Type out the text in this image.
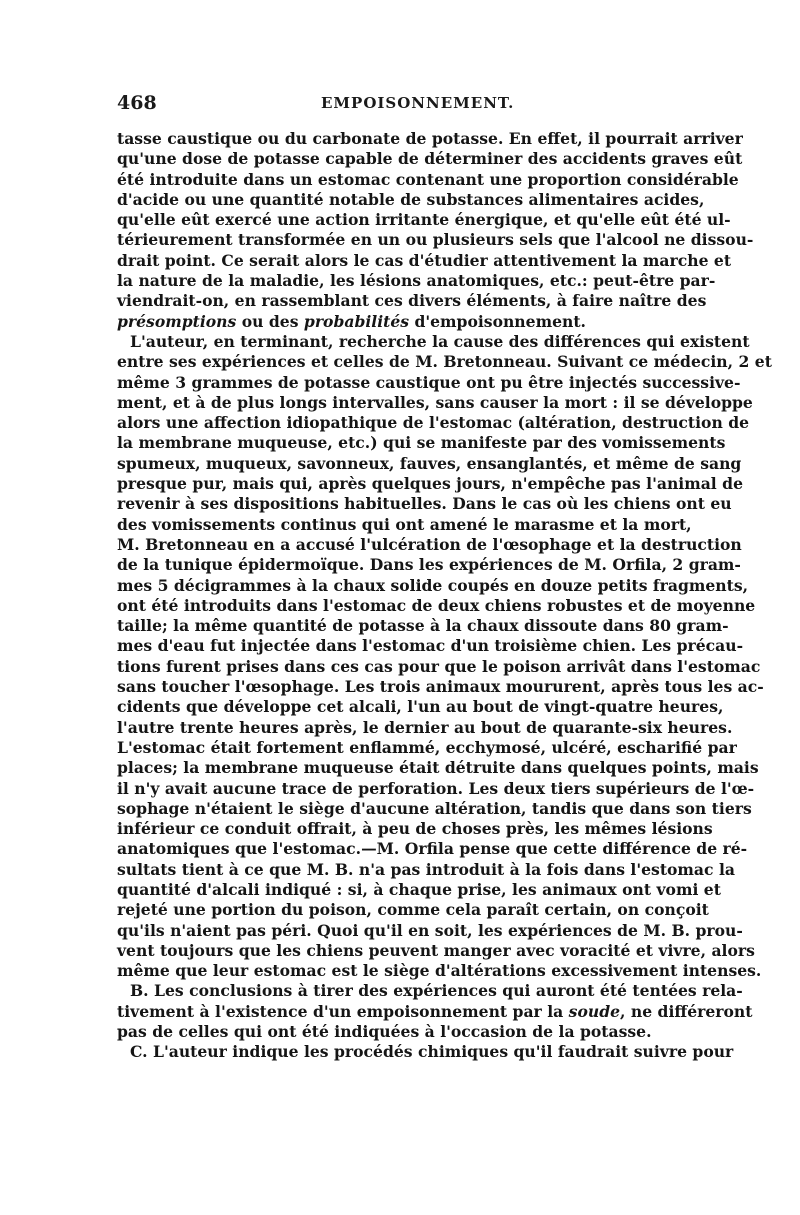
468	EMPOISONNEMENT.
tasse caustique ou du carbonate de potasse. En effet, il pourrait arriver
qu'une dose de potasse capable de déterminer des accidents graves eût
été introduite dans un estomac contenant une proportion considérable
d'acide ou une quantité notable de substances alimentaires acides,
qu'elle eût exercé une action irritante énergique, et qu'elle eût été ul-
térieurement transformée en un ou plusieurs sels que l'alcool ne dissou-
drait point. Ce serait alors le cas d'étudier attentivement la marche et
la nature de la maladie, les lésions anatomiques, etc.: peut-être par-
viendrait-on, en rassemblant ces divers éléments, à faire naître des
présomptions ou des probabilités d'empoisonnement.
L'auteur, en terminant, recherche la cause des différences qui existent
entre ses expériences et celles de M. Bretonneau. Suivant ce médecin, 2 et
même 3 grammes de potasse caustique ont pu être injectés successive-
ment, et à de plus longs intervalles, sans causer la mort : il se développe
alors une affection idiopathique de l'estomac (altération, destruction de
la membrane muqueuse, etc.) qui se manifeste par des vomissements
spumeux, muqueux, savonneux, fauves, ensanglantés, et même de sang
presque pur, mais qui, après quelques jours, n'empêche pas l'animal de
revenir à ses dispositions habituelles. Dans le cas où les chiens ont eu
des vomissements continus qui ont amené le marasme et la mort,
M. Bretonneau en a accusé l'ulcération de l'œsophage et la destruction
de la tunique épidermoïque. Dans les expériences de M. Orfila, 2 gram-
mes 5 décigrammes à la chaux solide coupés en douze petits fragments,
ont été introduits dans l'estomac de deux chiens robustes et de moyenne
taille; la même quantité de potasse à la chaux dissoute dans 80 gram-
mes d'eau fut injectée dans l'estomac d'un troisième chien. Les précau-
tions furent prises dans ces cas pour que le poison arrivât dans l'estomac
sans toucher l'œsophage. Les trois animaux moururent, après tous les ac-
cidents que développe cet alcali, l'un au bout de vingt-quatre heures,
l'autre trente heures après, le dernier au bout de quarante-six heures.
L'estomac était fortement enflammé, ecchymosé, ulcéré, escharifié par
places; la membrane muqueuse était détruite dans quelques points, mais
il n'y avait aucune trace de perforation. Les deux tiers supérieurs de l'œ-
sophage n'étaient le siège d'aucune altération, tandis que dans son tiers
inférieur ce conduit offrait, à peu de choses près, les mêmes lésions
anatomiques que l'estomac.—M. Orfila pense que cette différence de ré-
sultats tient à ce que M. B. n'a pas introduit à la fois dans l'estomac la
quantité d'alcali indiqué : si, à chaque prise, les animaux ont vomi et
rejeté une portion du poison, comme cela paraît certain, on conçoit
qu'ils n'aient pas péri. Quoi qu'il en soit, les expériences de M. B. prou-
vent toujours que les chiens peuvent manger avec voracité et vivre, alors
même que leur estomac est le siège d'altérations excessivement intenses.
B. Les conclusions à tirer des expériences qui auront été tentées rela-
tivement à l'existence d'un empoisonnement par la soude, ne différeront
pas de celles qui ont été indiquées à l'occasion de la potasse.
C. L'auteur indique les procédés chimiques qu'il faudrait suivre pour
